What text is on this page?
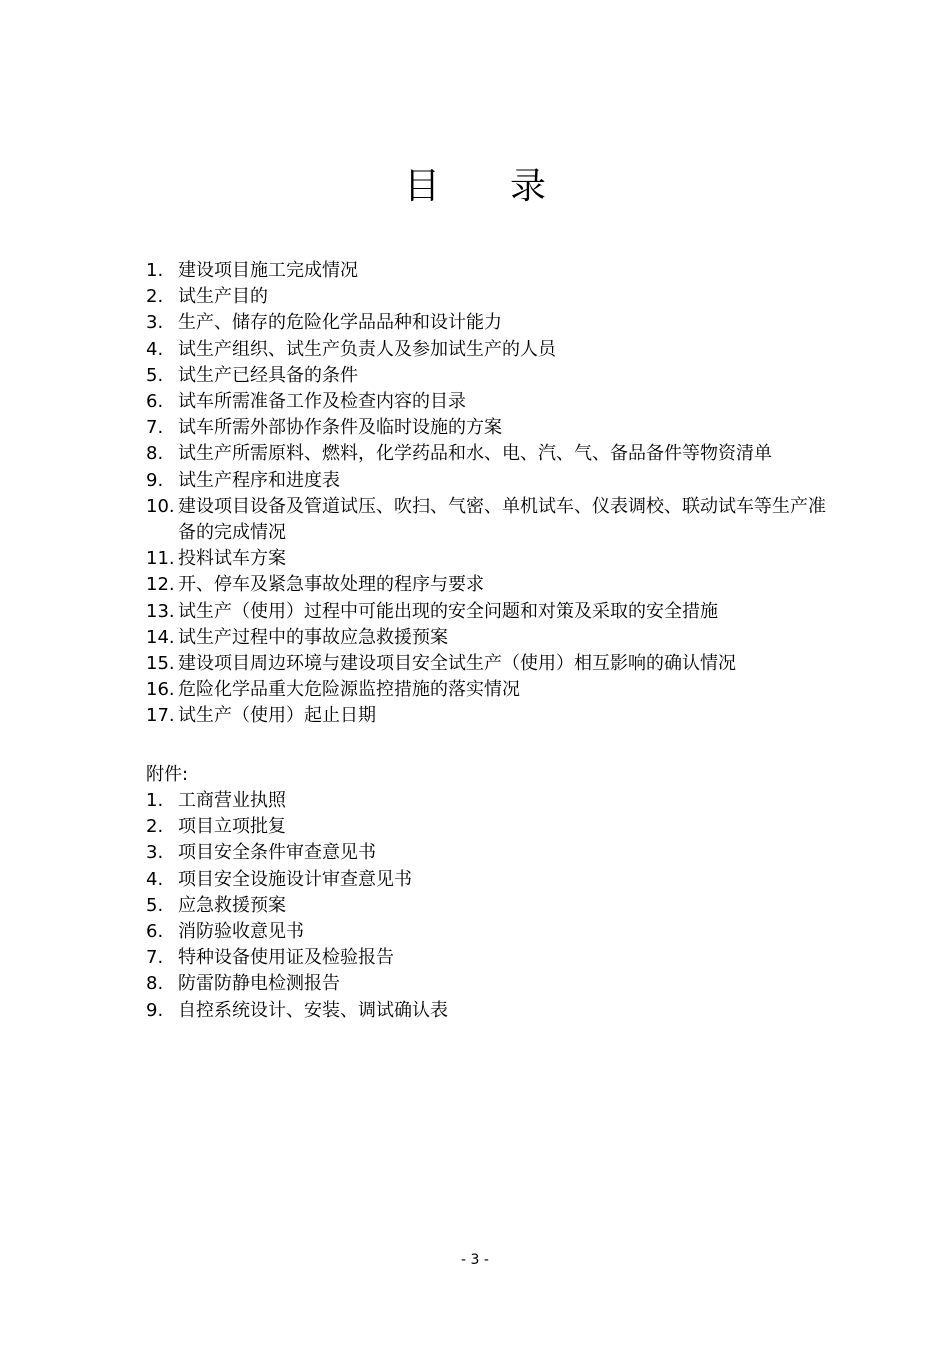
目 录
1. 建设项目施工完成情况
2. 试生产目的
3. 生产、储存的危险化学品品种和设计能力
4. 试生产组织、试生产负责人及参加试生产的人员
5. 试生产已经具备的条件
6. 试车所需准备工作及检查内容的目录
7. 试车所需外部协作条件及临时设施的方案
8. 试生产所需原料、燃料，化学药品和水、电、汽、气、备品备件等物资清单
9. 试生产程序和进度表
10. 建设项目设备及管道试压、吹扫、气密、单机试车、仪表调校、联动试车等生产准备的完成情况
11. 投料试车方案
12. 开、停车及紧急事故处理的程序与要求
13. 试生产（使用）过程中可能出现的安全问题和对策及采取的安全措施
14. 试生产过程中的事故应急救援预案
15. 建设项目周边环境与建设项目安全试生产（使用）相互影响的确认情况
16. 危险化学品重大危险源监控措施的落实情况
17. 试生产（使用）起止日期
附件:
1. 工商营业执照
2. 项目立项批复
3. 项目安全条件审查意见书
4. 项目安全设施设计审查意见书
5. 应急救援预案
6. 消防验收意见书
7. 特种设备使用证及检验报告
8. 防雷防静电检测报告
9. 自控系统设计、安装、调试确认表
- 3 -
